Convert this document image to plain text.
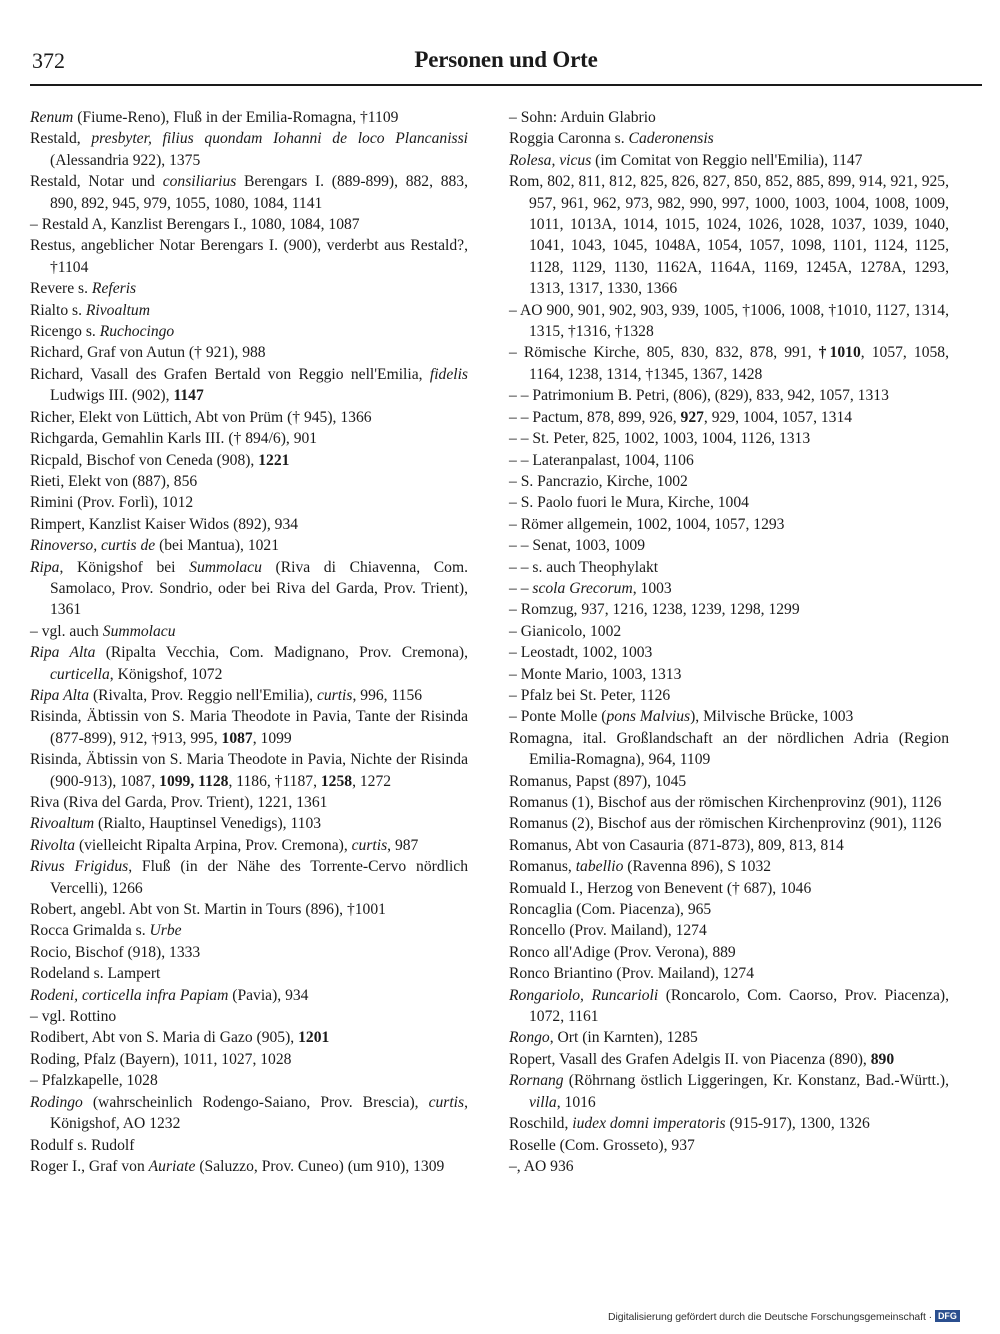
372	Personen und Orte

Renum (Fiume-Reno), Fluß in der Emilia-Romagna, †1109

Restald, presbyter, filius quondam Iohanni de loco Plancanissi (Alessandria 922), 1375

Restald, Notar und consiliarius Berengars I. (889-899), 882, 883, 890, 892, 945, 979, 1055, 1080, 1084, 1141

– Restald A, Kanzlist Berengars I., 1080, 1084, 1087

Restus, angeblicher Notar Berengars I. (900), verderbt aus Restald?, †1104

Revere s. Referis

Rialto s. Rivoaltum

Ricengo s. Ruchocingo

Richard, Graf von Autun († 921), 988

Richard, Vasall des Grafen Bertald von Reggio nell'Emilia, fidelis Ludwigs III. (902), 1147

Richer, Elekt von Lüttich, Abt von Prüm († 945), 1366

Richgarda, Gemahlin Karls III. († 894/6), 901

Ricpald, Bischof von Ceneda (908), 1221

Rieti, Elekt von (887), 856

Rimini (Prov. Forlì), 1012

Rimpert, Kanzlist Kaiser Widos (892), 934

Rinoverso, curtis de (bei Mantua), 1021

Ripa, Königshof bei Summolacu (Riva di Chiavenna, Com. Samolaco, Prov. Sondrio, oder bei Riva del Garda, Prov. Trient), 1361

– vgl. auch Summolacu

Ripa Alta (Ripalta Vecchia, Com. Madignano, Prov. Cremona), curticella, Königshof, 1072

Ripa Alta (Rivalta, Prov. Reggio nell'Emilia), curtis, 996, 1156

Risinda, Äbtissin von S. Maria Theodote in Pavia, Tante der Risinda (877-899), 912, †913, 995, 1087, 1099

Risinda, Äbtissin von S. Maria Theodote in Pavia, Nichte der Risinda (900-913), 1087, 1099, 1128, 1186, †1187, 1258, 1272

Riva (Riva del Garda, Prov. Trient), 1221, 1361

Rivoaltum (Rialto, Hauptinsel Venedigs), 1103

Rivolta (vielleicht Ripalta Arpina, Prov. Cremona), curtis, 987

Rivus Frigidus, Fluß (in der Nähe des Torrente-Cervo nördlich Vercelli), 1266

Robert, angebl. Abt von St. Martin in Tours (896), †1001

Rocca Grimalda s. Urbe

Rocio, Bischof (918), 1333

Rodeland s. Lampert

Rodeni, corticella infra Papiam (Pavia), 934

– vgl. Rottino

Rodibert, Abt von S. Maria di Gazo (905), 1201

Roding, Pfalz (Bayern), 1011, 1027, 1028

– Pfalzkapelle, 1028

Rodingo (wahrscheinlich Rodengo-Saiano, Prov. Brescia), curtis, Königshof, AO 1232

Rodulf s. Rudolf

Roger I., Graf von Auriate (Saluzzo, Prov. Cuneo) (um 910), 1309

– Sohn: Arduin Glabrio

Roggia Caronna s. Caderonensis

Rolesa, vicus (im Comitat von Reggio nell'Emilia), 1147

Rom, 802, 811, 812, 825, 826, 827, 850, 852, 885, 899, 914, 921, 925, 957, 961, 962, 973, 982, 990, 997, 1000, 1003, 1004, 1008, 1009, 1011, 1013A, 1014, 1015, 1024, 1026, 1028, 1037, 1039, 1040, 1041, 1043, 1045, 1048A, 1054, 1057, 1098, 1101, 1124, 1125, 1128, 1129, 1130, 1162A, 1164A, 1169, 1245A, 1278A, 1293, 1313, 1317, 1330, 1366

– AO 900, 901, 902, 903, 939, 1005, †1006, 1008, †1010, 1127, 1314, 1315, †1316, †1328

– Römische Kirche, 805, 830, 832, 878, 991, †1010, 1057, 1058, 1164, 1238, 1314, †1345, 1367, 1428

– – Patrimonium B. Petri, (806), (829), 833, 942, 1057, 1313

– – Pactum, 878, 899, 926, 927, 929, 1004, 1057, 1314

– – St. Peter, 825, 1002, 1003, 1004, 1126, 1313

– – Lateranpalast, 1004, 1106

– S. Pancrazio, Kirche, 1002

– S. Paolo fuori le Mura, Kirche, 1004

– Römer allgemein, 1002, 1004, 1057, 1293

– – Senat, 1003, 1009

– – s. auch Theophylakt

– – scola Grecorum, 1003

– Romzug, 937, 1216, 1238, 1239, 1298, 1299

– Gianicolo, 1002

– Leostadt, 1002, 1003

– Monte Mario, 1003, 1313

– Pfalz bei St. Peter, 1126

– Ponte Molle (pons Malvius), Milvische Brücke, 1003

Romagna, ital. Großlandschaft an der nördlichen Adria (Region Emilia-Romagna), 964, 1109

Romanus, Papst (897), 1045

Romanus (1), Bischof aus der römischen Kirchenprovinz (901), 1126

Romanus (2), Bischof aus der römischen Kirchenprovinz (901), 1126

Romanus, Abt von Casauria (871-873), 809, 813, 814

Romanus, tabellio (Ravenna 896), S 1032

Romuald I., Herzog von Benevent († 687), 1046

Roncaglia (Com. Piacenza), 965

Roncello (Prov. Mailand), 1274

Ronco all'Adige (Prov. Verona), 889

Ronco Briantino (Prov. Mailand), 1274

Rongariolo, Runcarioli (Roncarolo, Com. Caorso, Prov. Piacenza), 1072, 1161

Rongo, Ort (in Karnten), 1285

Ropert, Vasall des Grafen Adelgis II. von Piacenza (890), 890

Rornang (Röhrnang östlich Liggeringen, Kr. Konstanz, Bad.-Württ.), villa, 1016

Roschild, iudex domni imperatoris (915-917), 1300, 1326

Roselle (Com. Grosseto), 937

–, AO 936

Digitalisierung gefördert durch die Deutsche Forschungsgemeinschaft · DFG
